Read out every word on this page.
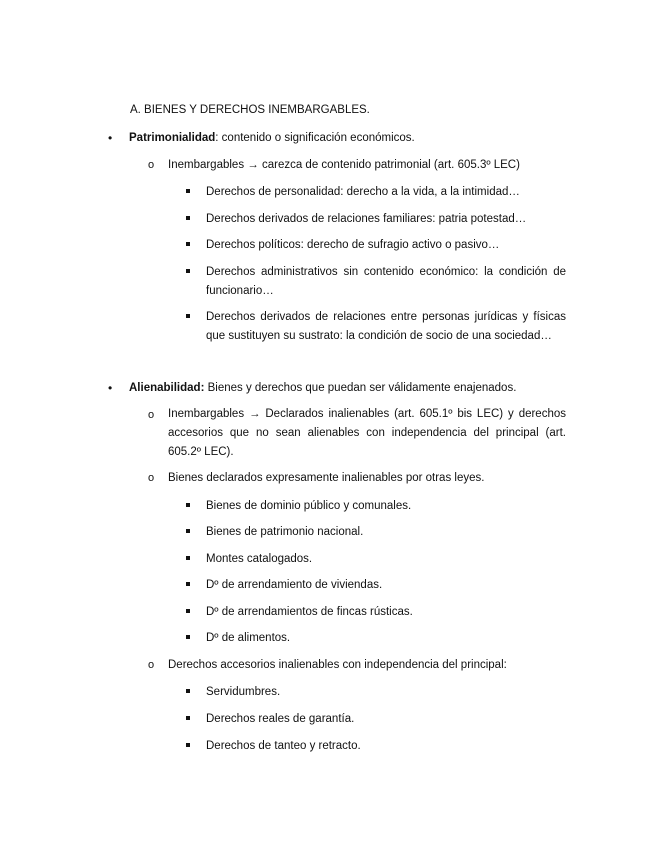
A. BIENES Y DERECHOS INEMBARGABLES.
• Patrimonialidad: contenido o significación económicos.
o Inembargables → carezca de contenido patrimonial (art. 605.3º LEC)
Derechos de personalidad: derecho a la vida, a la intimidad…
Derechos derivados de relaciones familiares: patria potestad…
Derechos políticos: derecho de sufragio activo o pasivo…
Derechos administrativos sin contenido económico: la condición de funcionario…
Derechos derivados de relaciones entre personas jurídicas y físicas que sustituyen su sustrato: la condición de socio de una sociedad…
• Alienabilidad: Bienes y derechos que puedan ser válidamente enajenados.
o Inembargables → Declarados inalienables (art. 605.1º bis LEC) y derechos accesorios que no sean alienables con independencia del principal (art. 605.2º LEC).
o Bienes declarados expresamente inalienables por otras leyes.
Bienes de dominio público y comunales.
Bienes de patrimonio nacional.
Montes catalogados.
Dº de arrendamiento de viviendas.
Dº de arrendamientos de fincas rústicas.
Dº de alimentos.
o Derechos accesorios inalienables con independencia del principal:
Servidumbres.
Derechos reales de garantía.
Derechos de tanteo y retracto.
